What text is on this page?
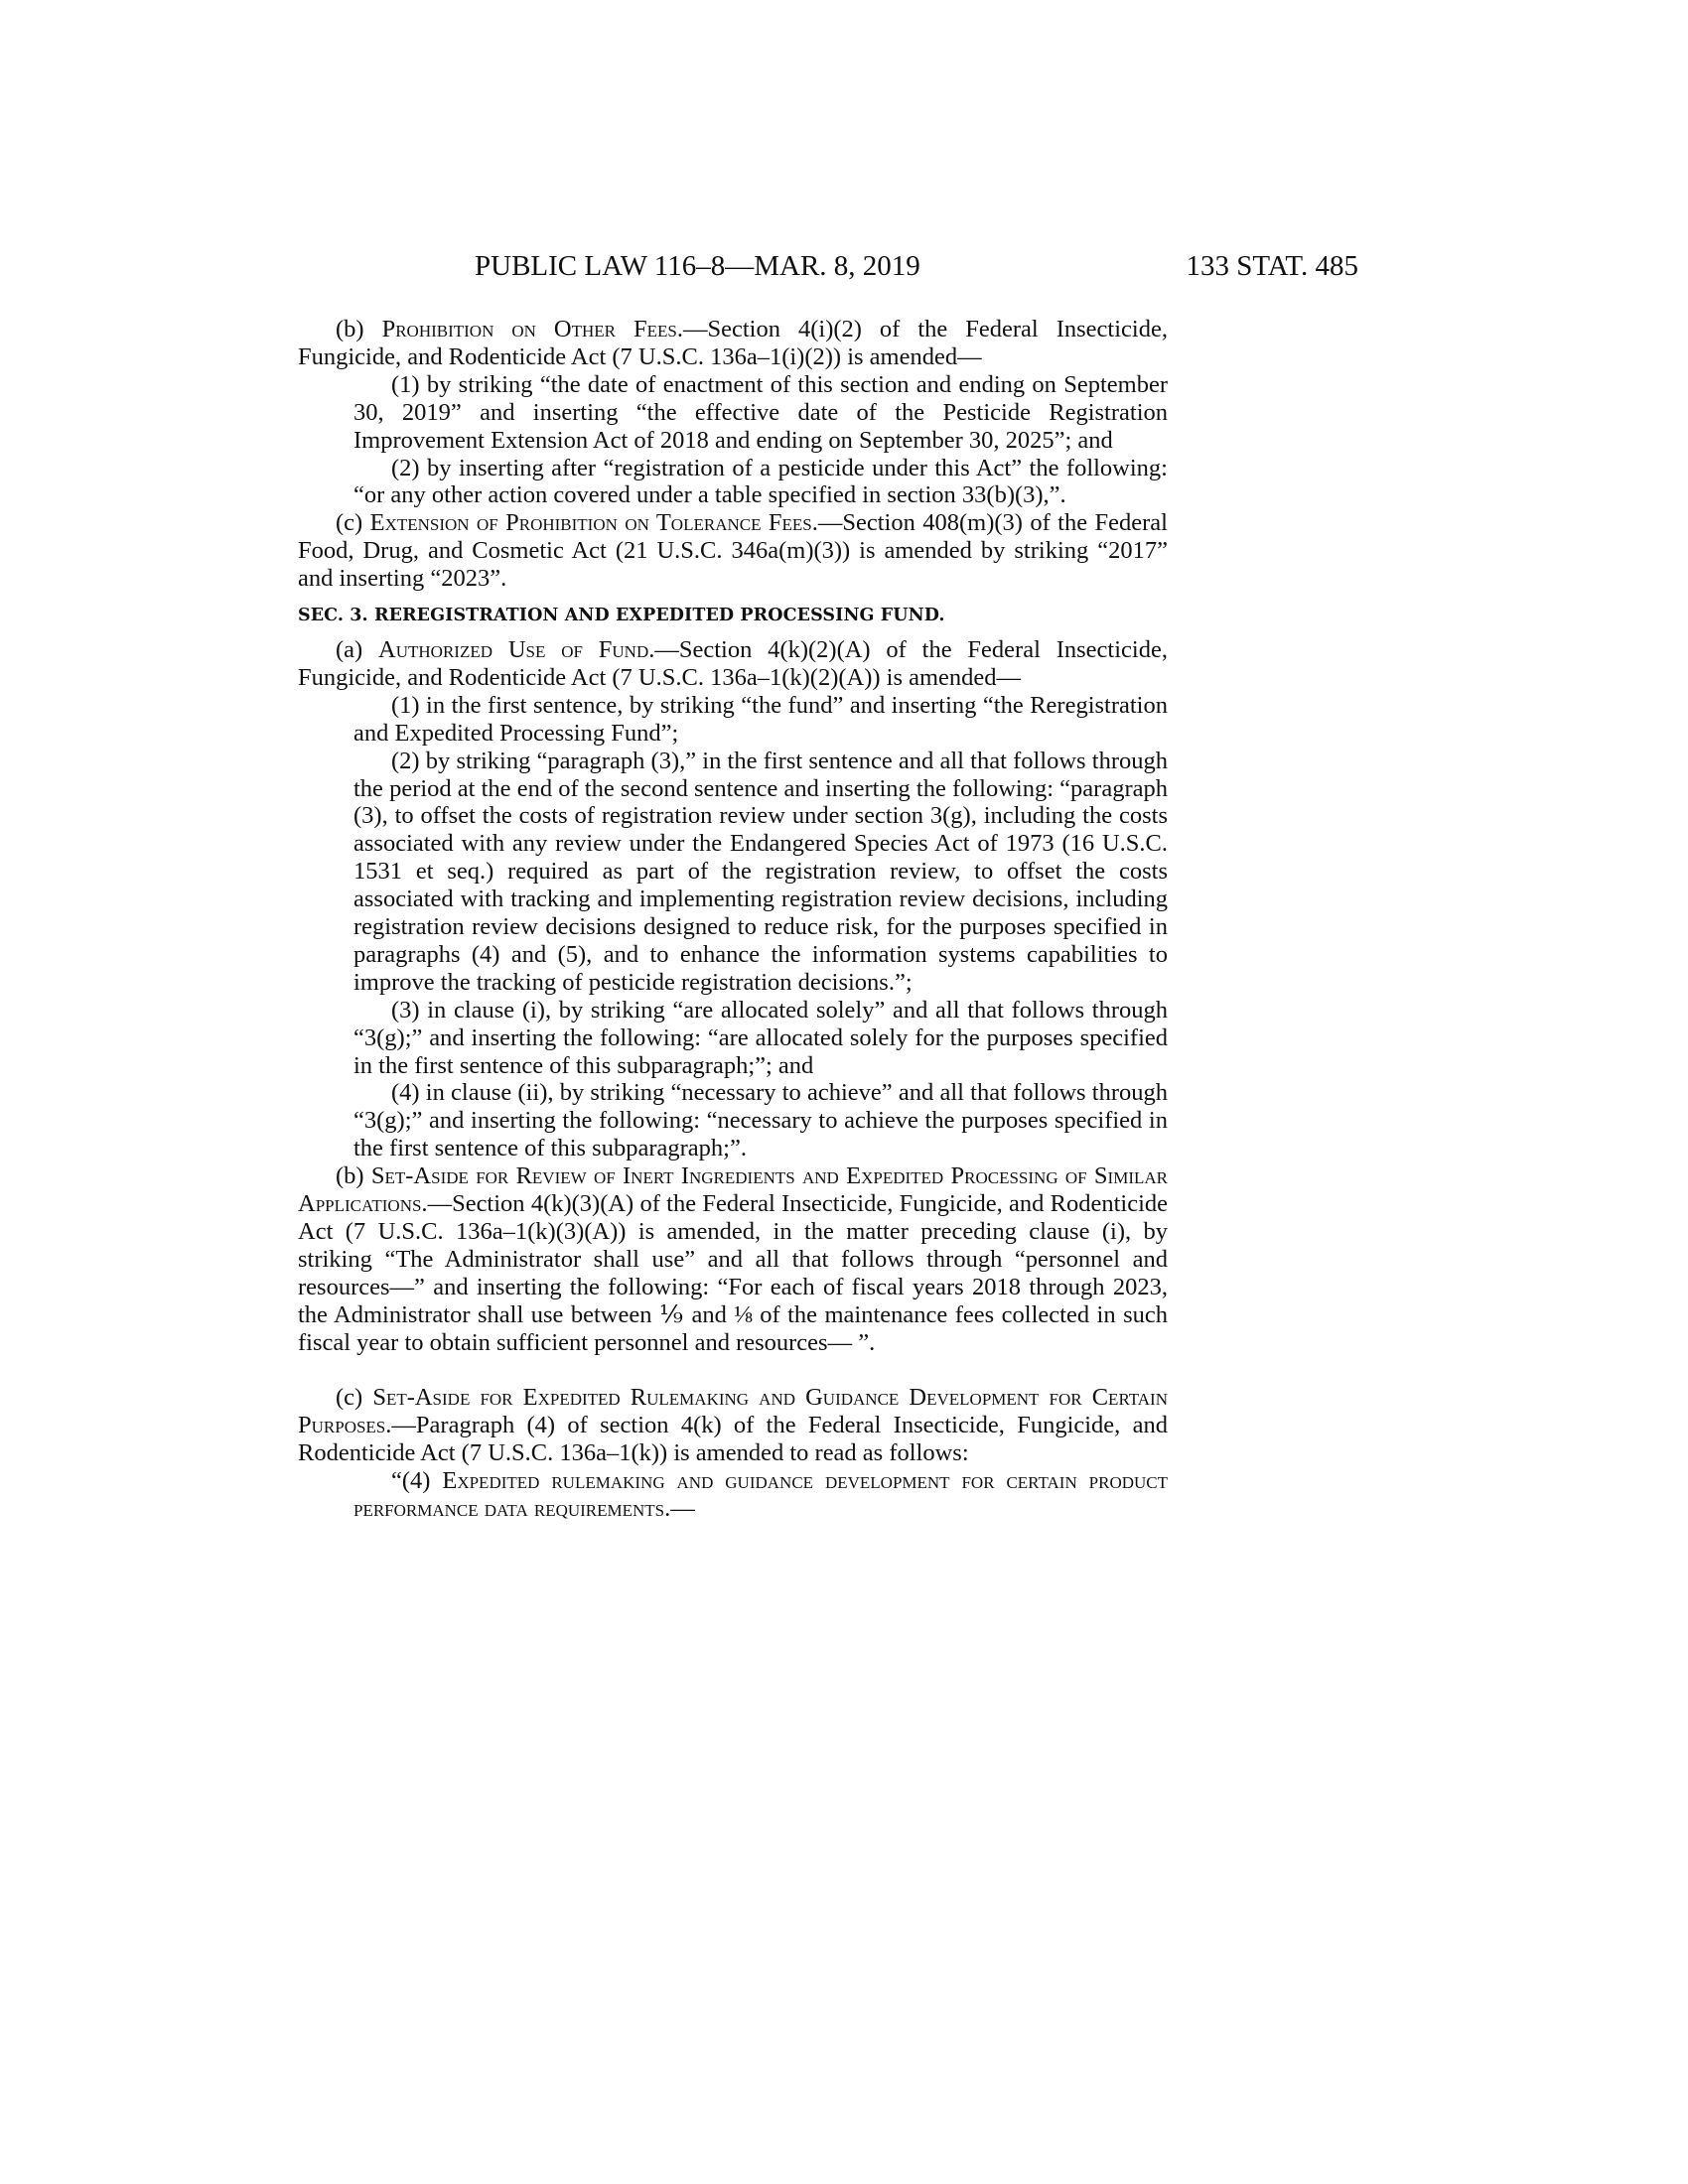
PUBLIC LAW 116–8—MAR. 8, 2019	133 STAT. 485

(b) Prohibition on Other Fees.—Section 4(i)(2) of the Federal Insecticide, Fungicide, and Rodenticide Act (7 U.S.C. 136a–1(i)(2)) is amended—

(1) by striking “the date of enactment of this section and ending on September 30, 2019” and inserting “the effective date of the Pesticide Registration Improvement Extension Act of 2018 and ending on September 30, 2025”; and

(2) by inserting after “registration of a pesticide under this Act” the following: “or any other action covered under a table specified in section 33(b)(3),”.

(c) Extension of Prohibition on Tolerance Fees.—Section 408(m)(3) of the Federal Food, Drug, and Cosmetic Act (21 U.S.C. 346a(m)(3)) is amended by striking “2017” and inserting “2023”.

SEC. 3. REREGISTRATION AND EXPEDITED PROCESSING FUND.

(a) Authorized Use of Fund.—Section 4(k)(2)(A) of the Federal Insecticide, Fungicide, and Rodenticide Act (7 U.S.C. 136a–1(k)(2)(A)) is amended—

(1) in the first sentence, by striking “the fund” and inserting “the Reregistration and Expedited Processing Fund”;

(2) by striking “paragraph (3),” in the first sentence and all that follows through the period at the end of the second sentence and inserting the following: “paragraph (3), to offset the costs of registration review under section 3(g), including the costs associated with any review under the Endangered Species Act of 1973 (16 U.S.C. 1531 et seq.) required as part of the registration review, to offset the costs associated with tracking and implementing registration review decisions, including registration review decisions designed to reduce risk, for the purposes specified in paragraphs (4) and (5), and to enhance the information systems capabilities to improve the tracking of pesticide registration decisions.”;

(3) in clause (i), by striking “are allocated solely” and all that follows through “3(g);” and inserting the following: “are allocated solely for the purposes specified in the first sentence of this subparagraph;”; and

(4) in clause (ii), by striking “necessary to achieve” and all that follows through “3(g);” and inserting the following: “necessary to achieve the purposes specified in the first sentence of this subparagraph;”.

(b) Set-Aside for Review of Inert Ingredients and Expedited Processing of Similar Applications.—Section 4(k)(3)(A) of the Federal Insecticide, Fungicide, and Rodenticide Act (7 U.S.C. 136a–1(k)(3)(A)) is amended, in the matter preceding clause (i), by striking “The Administrator shall use” and all that follows through “personnel and resources—” and inserting the following: “For each of fiscal years 2018 through 2023, the Administrator shall use between ⅑ and ⅛ of the maintenance fees collected in such fiscal year to obtain sufficient personnel and resources— ”.

(c) Set-Aside for Expedited Rulemaking and Guidance Development for Certain Purposes.—Paragraph (4) of section 4(k) of the Federal Insecticide, Fungicide, and Rodenticide Act (7 U.S.C. 136a–1(k)) is amended to read as follows:

“(4) Expedited rulemaking and guidance development for certain product performance data requirements.—
